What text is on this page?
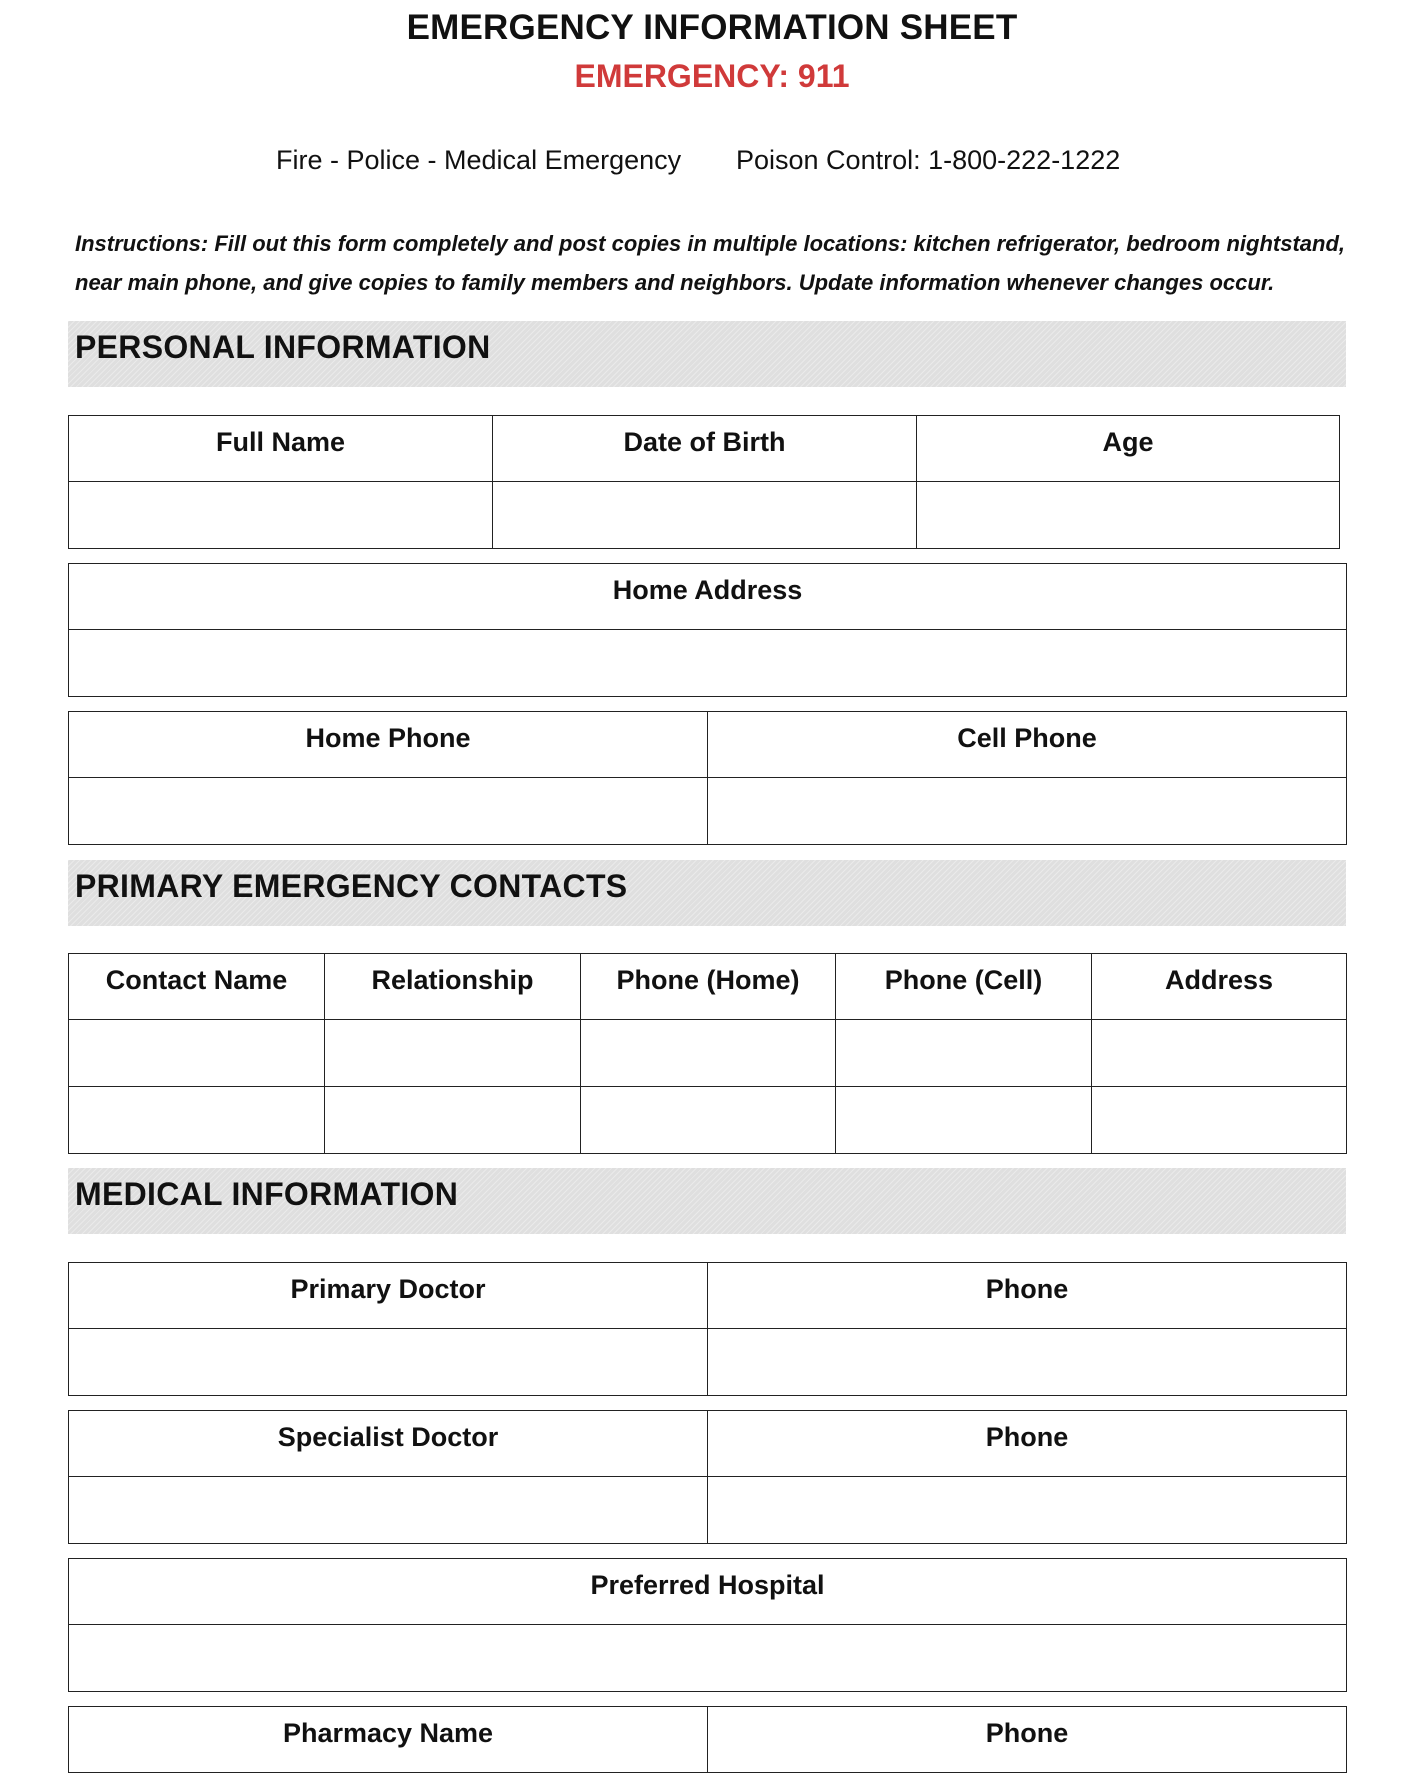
EMERGENCY INFORMATION SHEET
EMERGENCY: 911
Fire - Police - Medical Emergency Poison Control: 1-800-222-1222
Instructions: Fill out this form completely and post copies in multiple locations: kitchen refrigerator, bedroom nightstand,
near main phone, and give copies to family members and neighbors. Update information whenever changes occur.
PERSONAL INFORMATION
Full Name	Date of Birth	Age

Home Address

Home Phone	Cell Phone

PRIMARY EMERGENCY CONTACTS
Contact Name	Relationship	Phone (Home)	Phone (Cell)	Address

MEDICAL INFORMATION
Primary Doctor	Phone

Specialist Doctor	Phone

Preferred Hospital

Pharmacy Name	Phone
